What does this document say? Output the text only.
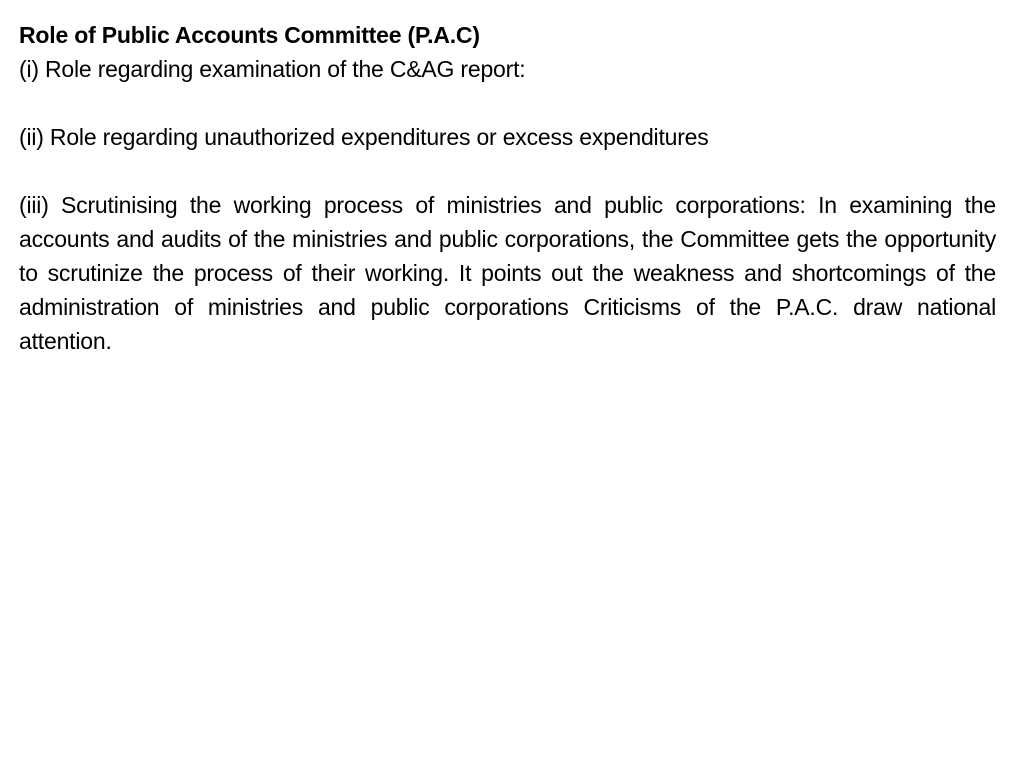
Role of Public Accounts Committee (P.A.C)

(i) Role regarding examination of the C&AG report:

(ii) Role regarding unauthorized expenditures or excess expenditures

(iii) Scrutinising the working process of ministries and public corporations: In examining the accounts and audits of the ministries and public corporations, the Committee gets the opportunity to scrutinize the process of their working. It points out the weakness and shortcomings of the administration of ministries and public corporations Criticisms of the P.A.C. draw national attention.
